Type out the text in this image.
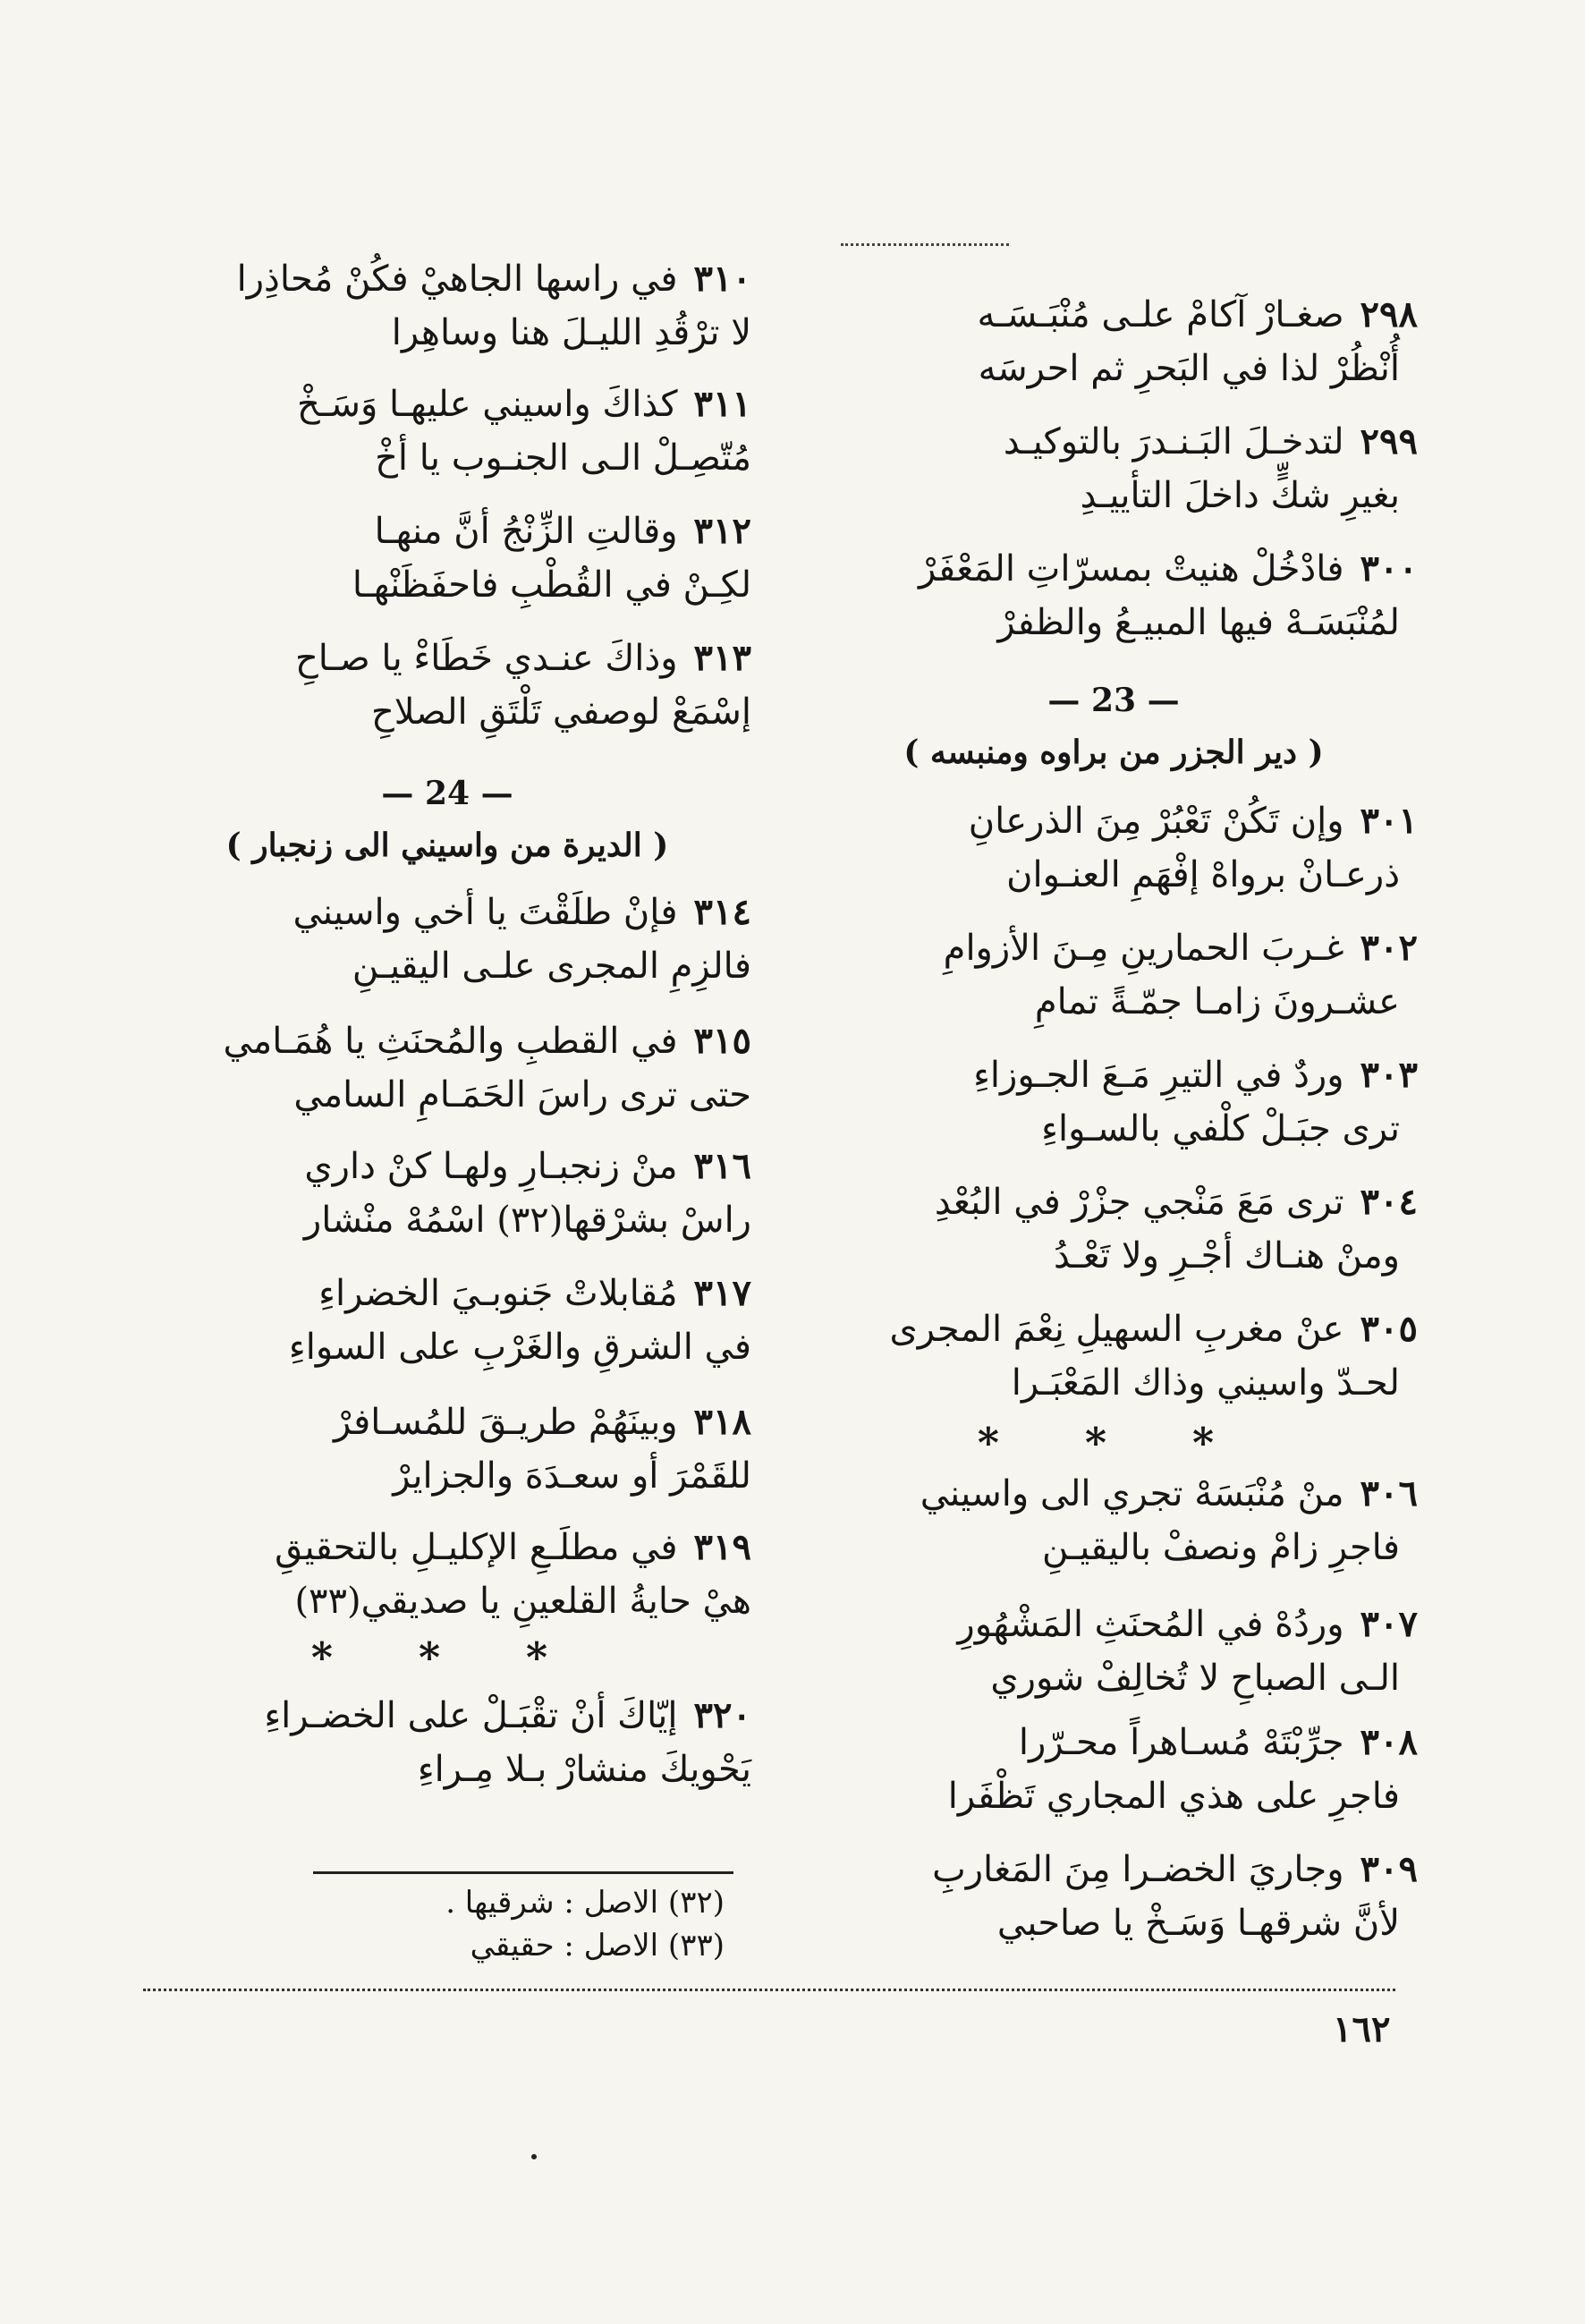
٢٩٨
صغـارْ آكامْ علـى مُنْبَـسَـه
أُنْظُرْ لذا في البَحرِ ثم احرسَه
٢٩٩
لتدخـلَ البَـنـدرَ بالتوكيـد
بغيرِ شكٍّ داخلَ التأييـدِ
٣٠٠
فادْخُلْ هنيتْ بمسرّاتِ المَعْفَرْ
لمُنْبَسَـهْ فيها المبيـعُ والظفرْ
— 23 —
( دير الجزر من براوه ومنبسه )
٣٠١
وإن تَكُنْ تَعْبُرْ مِنَ الذرعانِ
ذرعـانْ برواهْ إفْهَمِ العنـوان
٣٠٢
غـربَ الحمارينِ مِـنَ الأزوامِ
عشـرونَ زامـا جمّـةً تمامِ
٣٠٣
وردٌ في التيرِ مَـعَ الجـوزاءِ
ترى جبَـلْ كلْفي بالسـواءِ
٣٠٤
ترى مَعَ مَنْجي جزْرْ في البُعْدِ
ومنْ هنـاك أجْـرِ ولا تَعْـدُ
٣٠٥
عنْ مغربِ السهيلِ نِعْمَ المجرى
لحـدّ واسيني وذاك المَعْبَـرا
* * *
٣٠٦
منْ مُنْبَسَهْ تجري الى واسيني
فاجرِ زامْ ونصفْ باليقيـنِ
٣٠٧
وردُهْ في المُحنَثِ المَشْهُورِ
الـى الصباحِ لا تُخالِفْ شوري
٣٠٨
جرِّبْتَهْ مُسـاهراً محـرّرا
فاجرِ على هذي المجاري تَظْفَرا
٣٠٩
وجاريَ الخضـرا مِنَ المَغاربِ
لأنَّ شرقهـا وَسَـخْ يا صاحبي
٣١٠
في راسها الجاهيْ فكُنْ مُحاذِرا
لا ترْقُدِ الليـلَ هنا وساهِرا
٣١١
كذاكَ واسيني عليهـا وَسَـخْ
مُتّصِـلْ الـى الجنـوب يا أخْ
٣١٢
وقالتِ الزِّنْجُ أنَّ منهـا
لكِـنْ في القُطْبِ فاحفَظَنْهـا
٣١٣
وذاكَ عنـدي خَطَاءْ يا صـاحِ
إسْمَعْ لوصفي تَلْتَقِ الصلاحِ
— 24 —
( الديرة من واسيني الى زنجبار )
٣١٤
فإنْ طلَقْتَ يا أخي واسيني
فالزِمِ المجرى علـى اليقيـنِ
٣١٥
في القطبِ والمُحنَثِ يا هُمَـامي
حتى ترى راسَ الحَمَـامِ السامي
٣١٦
منْ زنجبـارِ ولهـا كنْ داري
راسْ بشرْقها(٣٢) اسْمُهْ منْشار
٣١٧
مُقابلاتْ جَنوبـيَ الخضراءِ
في الشرقِ والغَرْبِ على السواءِ
٣١٨
وبينَهُمْ طريـقَ للمُسـافرْ
للقَمْرَ أو سعـدَهَ والجزايرْ
٣١٩
في مطلَـعِ الإكليـلِ بالتحقيقِ
هيْ حايةُ القلعينِ يا صديقي(٣٣)
* * *
٣٢٠
إيّاكَ أنْ تقْبَـلْ على الخضـراءِ
يَحْويكَ منشارْ بـلا مِـراءِ
(٣٢) الاصل : شرقيها .
(٣٣) الاصل : حقيقي
١٦٢
